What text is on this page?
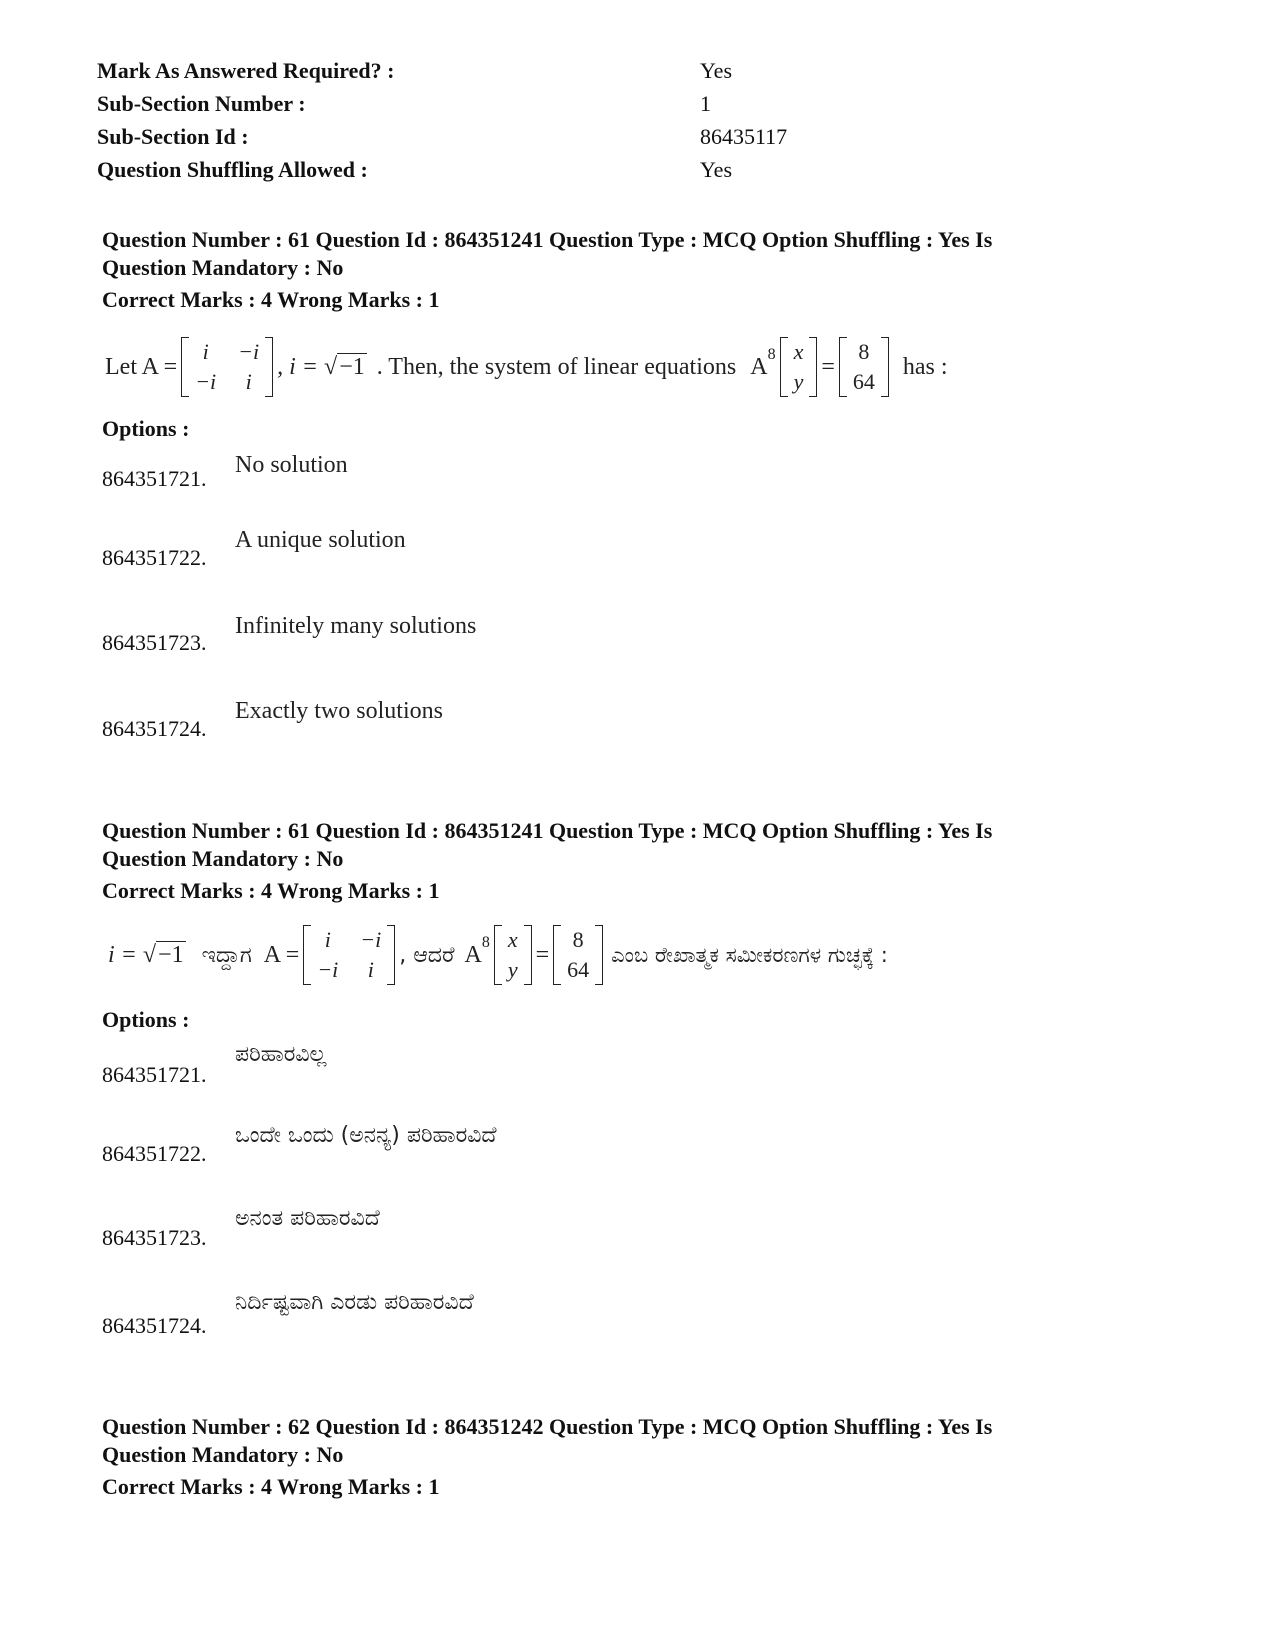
Mark As Answered Required? :	Yes
Sub-Section Number :	1
Sub-Section Id :	86435117
Question Shuffling Allowed :	Yes
Question Number : 61 Question Id : 864351241 Question Type : MCQ Option Shuffling : Yes Is
Question Mandatory : No
Correct Marks : 4 Wrong Marks : 1
Let A =
i	−i
−i	i
, i = √ −1 . Then, the system of linear equations A 8 x
y
=
8
64
has :
Options :
864351721.
No solution
864351722.
A unique solution
864351723.
Infinitely many solutions
864351724.
Exactly two solutions
Question Number : 61 Question Id : 864351241 Question Type : MCQ Option Shuffling : Yes Is
Question Mandatory : No
Correct Marks : 4 Wrong Marks : 1
i = √ −1 ಇದ್ದಾಗ A =
i	−i
−i	i
, ಆದರೆ A 8 x
y
=
8
64
ಎಂಬ ರೇಖಾತ್ಮಕ ಸಮೀಕರಣಗಳ ಗುಚ್ಛಕ್ಕೆ :
Options :
864351721.
ಪರಿಹಾರವಿಲ್ಲ
864351722.
ಒಂದೇ ಒಂದು (ಅನನ್ಯ) ಪರಿಹಾರವಿದೆ
864351723.
ಅನಂತ ಪರಿಹಾರವಿದೆ
864351724.
ನಿರ್ದಿಷ್ಟವಾಗಿ ಎರಡು ಪರಿಹಾರವಿದೆ
Question Number : 62 Question Id : 864351242 Question Type : MCQ Option Shuffling : Yes Is
Question Mandatory : No
Correct Marks : 4 Wrong Marks : 1
